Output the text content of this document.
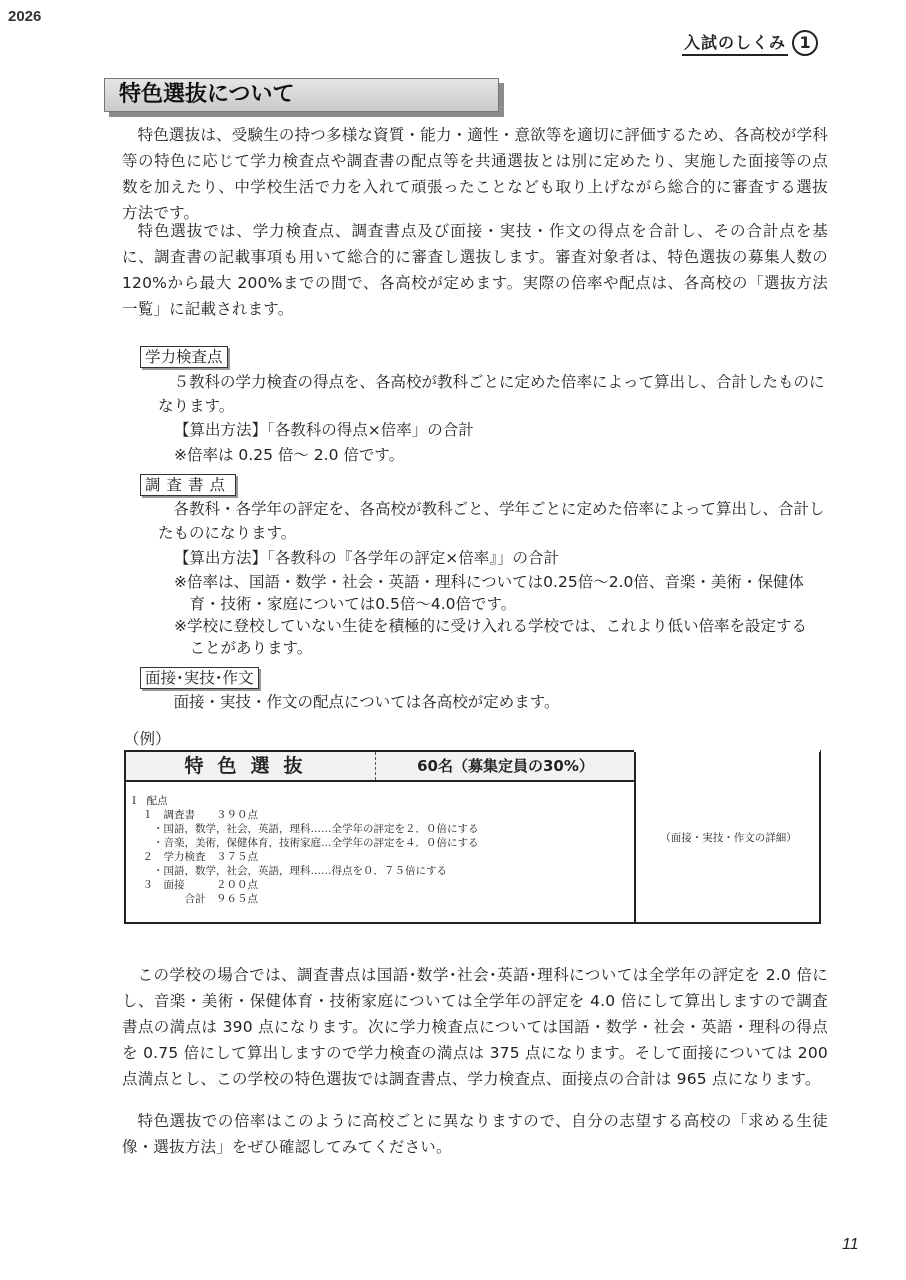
2026
入試のしくみ 1
特色選抜について

特色選抜は、受験生の持つ多様な資質・能力・適性・意欲等を適切に評価するため、各高校が学科等の特色に応じて学力検査点や調査書の配点等を共通選抜とは別に定めたり、実施した面接等の点数を加えたり、中学校生活で力を入れて頑張ったことなども取り上げながら総合的に審査する選抜方法です。

特色選抜では、学力検査点、調査書点及び面接・実技・作文の得点を合計し、その合計点を基に、調査書の記載事項も用いて総合的に審査し選抜します。審査対象者は、特色選抜の募集人数の 120%から最大 200%までの間で、各高校が定めます。実際の倍率や配点は、各高校の「選抜方法一覧」に記載されます。

学力検査点

５教科の学力検査の得点を、各高校が教科ごとに定めた倍率によって算出し、合計したものになります。

【算出方法】「各教科の得点×倍率」の合計
※倍率は 0.25 倍～ 2.0 倍です。
調査書点

各教科・各学年の評定を、各高校が教科ごと、学年ごとに定めた倍率によって算出し、合計したものになります。

【算出方法】「各教科の『各学年の評定×倍率』」の合計

※倍率は、国語・数学・社会・英語・理科については0.25倍～2.0倍、音楽・美術・保健体育・技術・家庭については0.5倍～4.0倍です。

※学校に登校していない生徒を積極的に受け入れる学校では、これより低い倍率を設定することがあります。

面接･実技･作文

面接・実技・作文の配点については各高校が定めます。

（例）
特色選抜	60名（募集定員の30%）
Ⅰ　配点
　１　調査書　　３９０点
　　・国語，数学，社会，英語，理科……全学年の評定を２．０倍にする
　　・音楽，美術，保健体育，技術家庭…全学年の評定を４．０倍にする
　２　学力検査　３７５点
　　・国語，数学，社会，英語，理科……得点を０．７５倍にする
　３　面接　　　２００点
　　　　　合計　９６５点
（面接・実技・作文の詳細）

この学校の場合では、調査書点は国語･数学･社会･英語･理科については全学年の評定を 2.0 倍にし、音楽・美術・保健体育・技術家庭については全学年の評定を 4.0 倍にして算出しますので調査書点の満点は 390 点になります。次に学力検査点については国語・数学・社会・英語・理科の得点を 0.75 倍にして算出しますので学力検査の満点は 375 点になります。そして面接については 200 点満点とし、この学校の特色選抜では調査書点、学力検査点、面接点の合計は 965 点になります。

特色選抜での倍率はこのように高校ごとに異なりますので、自分の志望する高校の「求める生徒像・選抜方法」をぜひ確認してみてください。

11
